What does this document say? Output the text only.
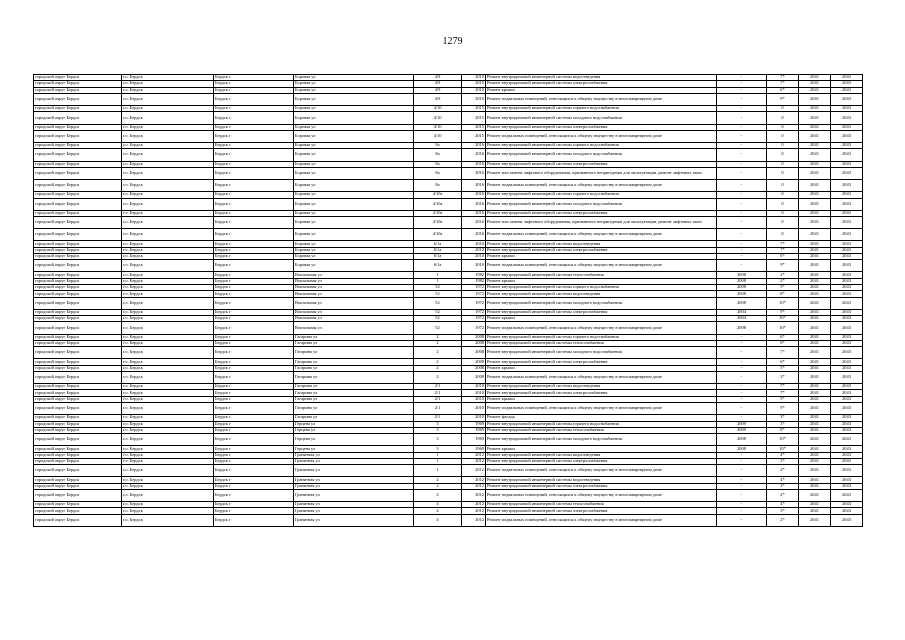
1279
городской округ Бердск	г.о. Бердск	Бердск г	Боровая ул	4/9	2010	Ремонт внутридомовой инженерной системы водоотведения	-	7*	2041	2043
городской округ Бердск	г.о. Бердск	Бердск г	Боровая ул	4/9	2010	Ремонт внутридомовой инженерной системы электроснабжения	-	7*	2041	2043
городской округ Бердск	г.о. Бердск	Бердск г	Боровая ул	4/9	2010	Ремонт крыши	-	6*	2041	2043
городской округ Бердск	г.о. Бердск	Бердск г	Боровая ул	4/9	2010	Ремонт подвальных помещений, относящихся к общему имуществу в многоквартирном доме	-	9*	2041	2043
городской округ Бердск	г.о. Бердск	Бердск г	Боровая ул	4/10	2015	Ремонт внутридомовой инженерной системы горячего водоснабжения	-	0	2041	2043
городской округ Бердск	г.о. Бердск	Бердск г	Боровая ул	4/10	2015	Ремонт внутридомовой инженерной системы холодного водоснабжения	-	0	2041	2043
городской округ Бердск	г.о. Бердск	Бердск г	Боровая ул	4/10	2015	Ремонт внутридомовой инженерной системы электроснабжения	-	0	2041	2043
городской округ Бердск	г.о. Бердск	Бердск г	Боровая ул	4/10	2015	Ремонт подвальных помещений, относящихся к общему имуществу в многоквартирном доме	-	0	2041	2043
городской округ Бердск	г.о. Бердск	Бердск г	Боровая ул	8а	2016	Ремонт внутридомовой инженерной системы горячего водоснабжения	-	0	2041	2043
городской округ Бердск	г.о. Бердск	Бердск г	Боровая ул	8а	2016	Ремонт внутридомовой инженерной системы холодного водоснабжения	-	0	2041	2043
городской округ Бердск	г.о. Бердск	Бердск г	Боровая ул	8а	2016	Ремонт внутридомовой инженерной системы электроснабжения	-	0	2041	2043
городской округ Бердск	г.о. Бердск	Бердск г	Боровая ул	8а	2016	Ремонт или замена лифтового оборудования, признанного непригодным для эксплуатации, ремонт лифтовых шахт	-	0	2041	2043
городской округ Бердск	г.о. Бердск	Бердск г	Боровая ул	8а	2016	Ремонт подвальных помещений, относящихся к общему имуществу в многоквартирном доме	-	0	2041	2043
городской округ Бердск	г.о. Бердск	Бердск г	Боровая ул	4/10а	2016	Ремонт внутридомовой инженерной системы горячего водоснабжения	-	0	2041	2043
городской округ Бердск	г.о. Бердск	Бердск г	Боровая ул	4/10а	2016	Ремонт внутридомовой инженерной системы холодного водоснабжения	-	0	2041	2043
городской округ Бердск	г.о. Бердск	Бердск г	Боровая ул	4/10а	2016	Ремонт внутридомовой инженерной системы электроснабжения	-	0	2041	2043
городской округ Бердск	г.о. Бердск	Бердск г	Боровая ул	4/10а	2016	Ремонт или замена лифтового оборудования, признанного непригодным для эксплуатации, ремонт лифтовых шахт	-	0	2041	2043
городской округ Бердск	г.о. Бердск	Бердск г	Боровая ул	4/10а	2016	Ремонт подвальных помещений, относящихся к общему имуществу в многоквартирном доме	-	0	2041	2043
городской округ Бердск	г.о. Бердск	Бердск г	Боровая ул	6/1а	2010	Ремонт внутридомовой инженерной системы водоотведения	-	7*	2041	2043
городской округ Бердск	г.о. Бердск	Бердск г	Боровая ул	6/1а	2010	Ремонт внутридомовой инженерной системы электроснабжения	-	7*	2041	2043
городской округ Бердск	г.о. Бердск	Бердск г	Боровая ул	6/1а	2010	Ремонт крыши	-	6*	2041	2043
городской округ Бердск	г.о. Бердск	Бердск г	Боровая ул	6/1а	2010	Ремонт подвальных помещений, относящихся к общему имуществу в многоквартирном доме	-	9*	2041	2043
городской округ Бердск	г.о. Бердск	Бердск г	Вокзальная ул	1	1982	Ремонт внутридомовой инженерной системы теплоснабжения	2008	2*	2041	2043
городской округ Бердск	г.о. Бердск	Бердск г	Вокзальная ул	1	1982	Ремонт крыши	2008	2*	2041	2043
городской округ Бердск	г.о. Бердск	Бердск г	Вокзальная ул	52	1972	Ремонт внутридомовой инженерной системы горячего водоснабжения	2008	5*	2041	2043
городской округ Бердск	г.о. Бердск	Бердск г	Вокзальная ул	52	1972	Ремонт внутридомовой инженерной системы водоотведения	2008	8*	2041	2043
городской округ Бердск	г.о. Бердск	Бердск г	Вокзальная ул	52	1972	Ремонт внутридомовой инженерной системы холодного водоснабжения	2008	10*	2041	2043
городской округ Бердск	г.о. Бердск	Бердск г	Вокзальная ул	52	1972	Ремонт внутридомовой инженерной системы электроснабжения	2004	9*	2041	2043
городской округ Бердск	г.о. Бердск	Бердск г	Вокзальная ул	52	1972	Ремонт крыши	2004	10*	2041	2043
городской округ Бердск	г.о. Бердск	Бердск г	Вокзальная ул	52	1972	Ремонт подвальных помещений, относящихся к общему имуществу в многоквартирном доме	2008	10*	2041	2043
городской округ Бердск	г.о. Бердск	Бердск г	Гагарина ул	2	2008	Ремонт внутридомовой инженерной системы горячего водоснабжения	-	6*	2041	2043
городской округ Бердск	г.о. Бердск	Бердск г	Гагарина ул	2	2008	Ремонт внутридомовой инженерной системы теплоснабжения	-	6*	2041	2043
городской округ Бердск	г.о. Бердск	Бердск г	Гагарина ул	2	2008	Ремонт внутридомовой инженерной системы холодного водоснабжения	-	7*	2041	2043
городской округ Бердск	г.о. Бердск	Бердск г	Гагарина ул	2	2008	Ремонт внутридомовой инженерной системы электроснабжения	-	6*	2041	2043
городской округ Бердск	г.о. Бердск	Бердск г	Гагарина ул	2	2008	Ремонт крыши	-	5*	2041	2043
городской округ Бердск	г.о. Бердск	Бердск г	Гагарина ул	2	2008	Ремонт подвальных помещений, относящихся к общему имуществу в многоквартирном доме	-	2*	2041	2043
городской округ Бердск	г.о. Бердск	Бердск г	Гагарина ул	2/1	2010	Ремонт внутридомовой инженерной системы водоотведения	-	7*	2041	2043
городской округ Бердск	г.о. Бердск	Бердск г	Гагарина ул	2/1	2010	Ремонт внутридомовой инженерной системы электроснабжения	-	7*	2041	2043
городской округ Бердск	г.о. Бердск	Бердск г	Гагарина ул	2/1	2010	Ремонт крыши	-	5*	2041	2043
городской округ Бердск	г.о. Бердск	Бердск г	Гагарина ул	2/1	2010	Ремонт подвальных помещений, относящихся к общему имуществу в многоквартирном доме	-	9*	2041	2043
городской округ Бердск	г.о. Бердск	Бердск г	Гагарина ул	2/1	2010	Ремонт фасада	-	3*	2041	2043
городской округ Бердск	г.о. Бердск	Бердск г	Герцена ул	3	1969	Ремонт внутридомовой инженерной системы горячего водоснабжения	2009	3*	2041	2043
городской округ Бердск	г.о. Бердск	Бердск г	Герцена ул	3	1969	Ремонт внутридомовой инженерной системы теплоснабжения	2009	8*	2041	2043
городской округ Бердск	г.о. Бердск	Бердск г	Герцена ул	3	1969	Ремонт внутридомовой инженерной системы холодного водоснабжения	2008	10*	2041	2043
городской округ Бердск	г.о. Бердск	Бердск г	Герцена ул	3	1969	Ремонт крыши	2008	10*	2041	2043
городской округ Бердск	г.о. Бердск	Бердск г	Гранитная ул	1	2012	Ремонт внутридомовой инженерной системы водоотведения	-	4*	2041	2043
городской округ Бердск	г.о. Бердск	Бердск г	Гранитная ул	1	2012	Ремонт внутридомовой инженерной системы электроснабжения	-	3*	2041	2043
городской округ Бердск	г.о. Бердск	Бердск г	Гранитная ул	1	2012	Ремонт подвальных помещений, относящихся к общему имуществу в многоквартирном доме	-	2*	2041	2043
городской округ Бердск	г.о. Бердск	Бердск г	Гранитная ул	2	2012	Ремонт внутридомовой инженерной системы водоотведения	-	4*	2041	2043
городской округ Бердск	г.о. Бердск	Бердск г	Гранитная ул	2	2012	Ремонт внутридомовой инженерной системы электроснабжения	-	3*	2041	2043
городской округ Бердск	г.о. Бердск	Бердск г	Гранитная ул	2	2012	Ремонт подвальных помещений, относящихся к общему имуществу в многоквартирном доме	-	2*	2041	2043
городской округ Бердск	г.о. Бердск	Бердск г	Гранитная ул	4	2012	Ремонт внутридомовой инженерной системы теплоснабжения	-	4*	2041	2043
городской округ Бердск	г.о. Бердск	Бердск г	Гранитная ул	4	2012	Ремонт внутридомовой инженерной системы электроснабжения	-	3*	2041	2043
городской округ Бердск	г.о. Бердск	Бердск г	Гранитная ул	4	2012	Ремонт подвальных помещений, относящихся к общему имуществу в многоквартирном доме	-	2*	2041	2043
